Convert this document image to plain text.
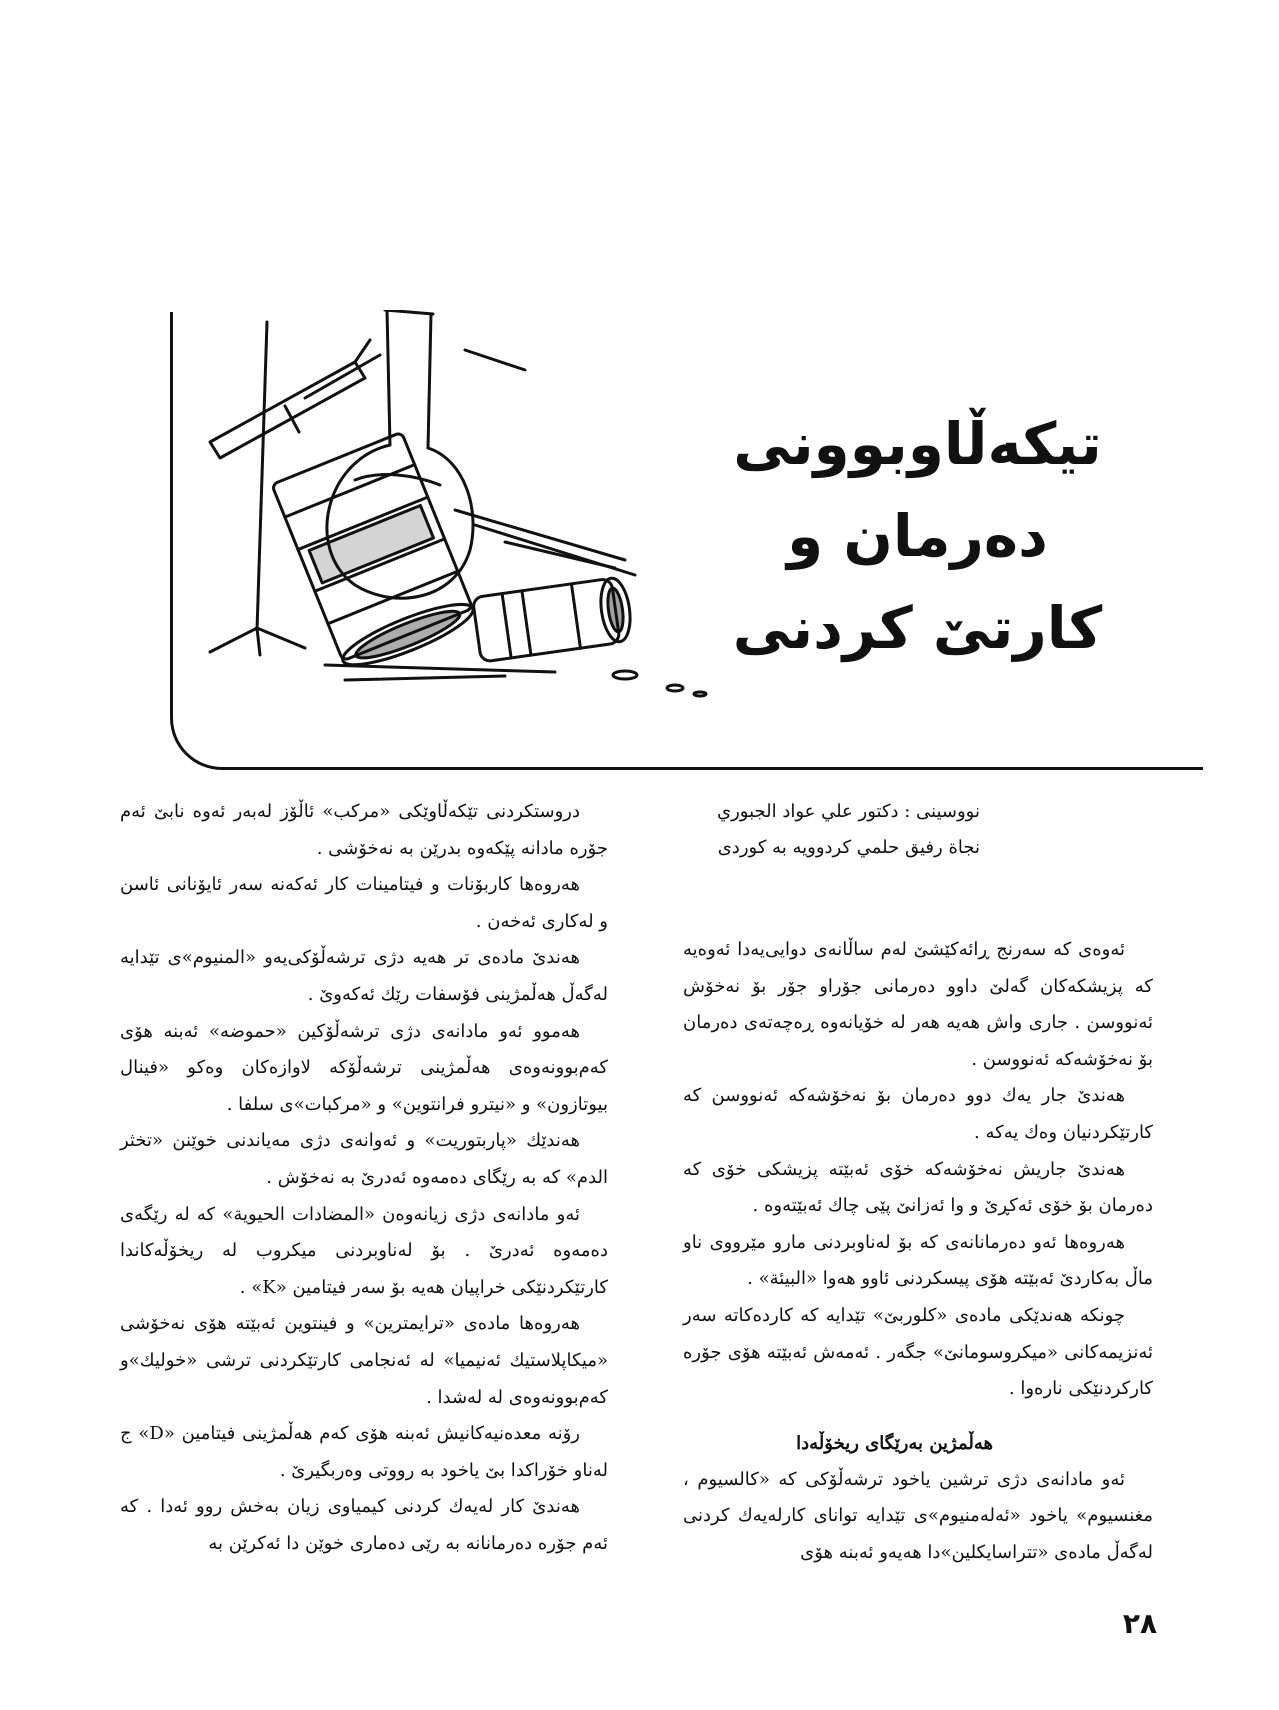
تیکەڵاوبوونی دەرمان و
کارتێ کردنی

نووسینی : دکتور علي عواد الجبوري

نجاة رفيق حلمي كردوويە بە كوردی

ئەوەی کە سەرنج ڕائەکێشێ لەم ساڵانەی دوایی‌یەدا ئەوەیە کە پزیشکەکان گەلێ داوو دەرمانی جۆراو جۆر بۆ نەخۆش ئەنووسن . جاری واش هەیە هەر لە خۆیانەوە ڕەچەتەی دەرمان بۆ نەخۆشەکە ئەنووسن .

هەندێ جار یەك دوو دەرمان بۆ نەخۆشەکە ئەنووسن کە کارتێکردنیان وەك یەکە .

هەندێ جاریش نەخۆشەکە خۆی ئەبێتە پزیشکی خۆی کە دەرمان بۆ خۆی ئەکڕێ و وا ئەزانێ پێی چاك ئەبێتەوە .

هەروەها ئەو دەرمانانەی کە بۆ لەناوبردنی مارو مێرووی ناو ماڵ بەکاردێ ئەبێتە هۆی پیسکردنی ئاوو هەوا «البيئة» .

چونکە هەندێکی مادەی «کلوربێ» تێدایە کە کاردەکاتە سەر ئەنزیمەکانی «میکروسومانێ» جگەر . ئەمەش ئەبێتە هۆی جۆرە کارکردنێکی نارەوا .

هەڵمژین بەرێگای ریخۆڵەدا

ئەو مادانەی دژی ترشین یاخود ترشەڵۆکی کە «کالسیوم ، مغنسیوم» یاخود «ئەلەمنیوم»ی تێدایە توانای کارلەیەك کردنی لەگەڵ مادەی «تتراسایکلین»دا هەیەو ئەبنە هۆی

دروستکردنی تێکەڵاوێکی «مرکب» ئاڵۆز لەبەر ئەوە نابێ ئەم جۆرە مادانە پێکەوە بدرێن بە نەخۆشی .

هەروەها کاربۆنات و فیتامینات کار ئەکەنە سەر ئایۆنانی ئاسن و لەکاری ئەخەن .

هەندێ مادەی تر هەیە دژی ترشەڵۆکی‌یەو «المنیوم»ی تێدایە لەگەڵ هەڵمژینی فۆسفات رێك ئەکەوێ .

هەموو ئەو مادانەی دژی ترشەڵۆکین «حموضه» ئەبنە هۆی کەم‌بوونەوەی هەڵمژینی ترشەڵۆکە لاوازەکان وەکو «فینال بیوتازون» و «نیترو فرانتوین» و «مرکبات»ی سلفا .

هەندێك «پاربتوریت» و ئەوانەی دژی مەیاندنی خوێنن «تخثر الدم» کە بە رێگای دەمەوە ئەدرێ بە نەخۆش .

ئەو مادانەی دژی زیانەوەن «المضادات الحيوية» کە لە رێگەی دەمەوە ئەدرێ . بۆ لەناوبردنی میکروب لە ریخۆڵەکاندا کارتێکردنێکی خراپیان هەیە بۆ سەر فیتامین «K» .

هەروەها مادەی «ترایمترین» و فینتوین ئەبێتە هۆی نەخۆشی «میکاپلاستیك ئەنیمیا» لە ئەنجامی کارتێکردنی ترشی «خولیك»و کەم‌بوونەوەی لە لەشدا .

رۆنە معدەنیەکانیش ئەبنە هۆی کەم هەڵمژینی فیتامین «D» ج لەناو خۆراکدا بێ یاخود بە رووتی وەربگیرێ .

هەندێ کار لەیەك کردنی کیمیاوی زیان بەخش روو ئەدا . کە ئەم جۆرە دەرمانانە بە رێی دەماری خوێن دا ئەکرێن بە

٢٨
